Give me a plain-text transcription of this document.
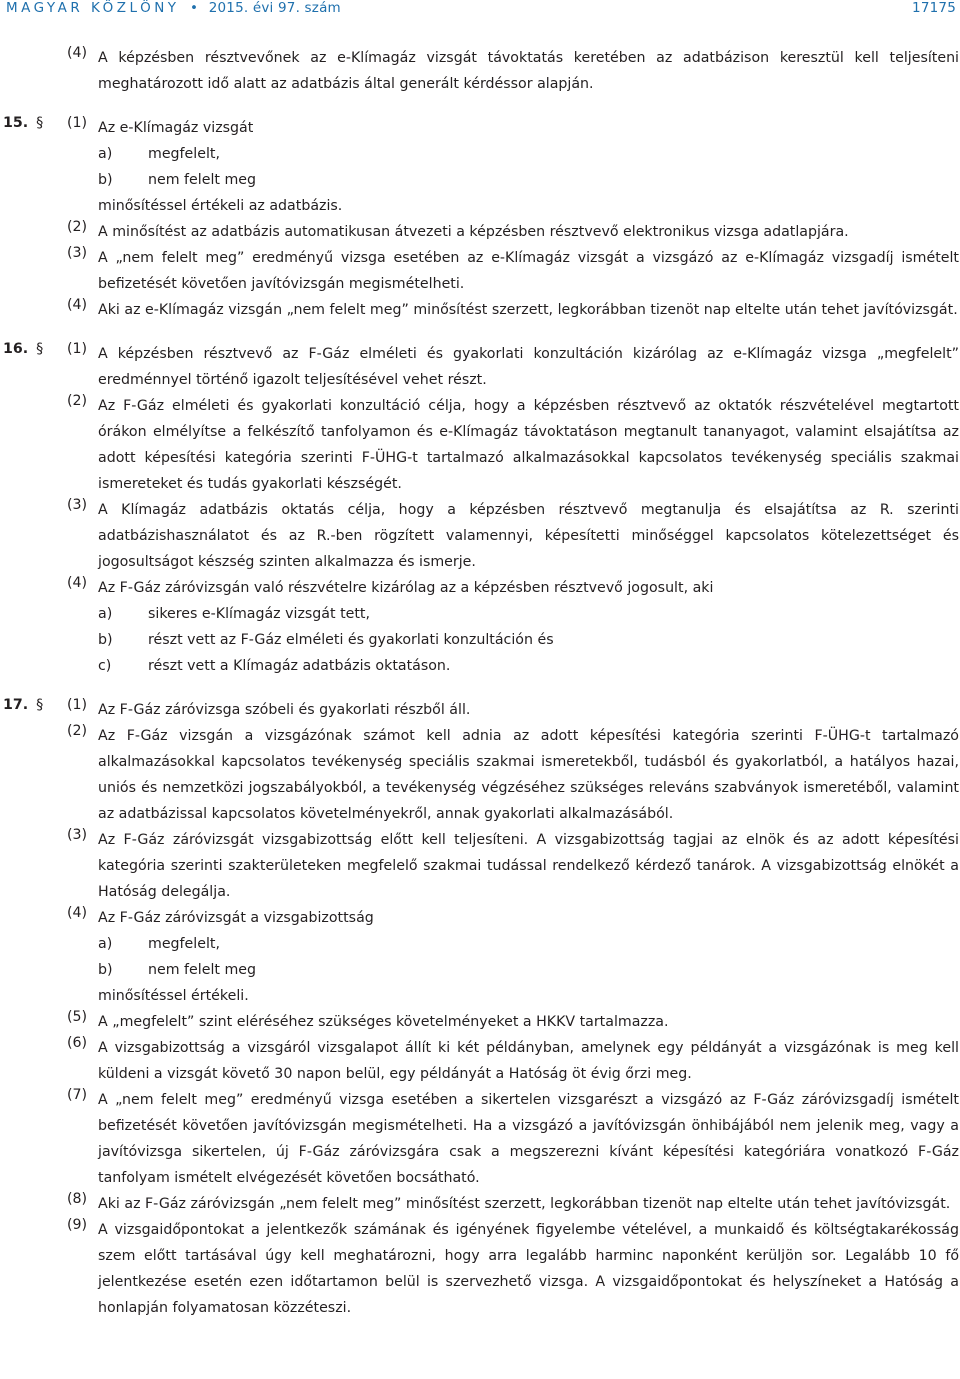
MAGYAR KÖZLÖNY • 2015. évi 97. szám	17175
(4) A képzésben résztvevőnek az e-Klímagáz vizsgát távoktatás keretében az adatbázison keresztül kell teljesíteni meghatározott idő alatt az adatbázis által generált kérdéssor alapján.
15. § (1) Az e-Klímagáz vizsgát
a)	megfelelt,
b) nem felelt meg
minősítéssel értékeli az adatbázis.
(2) A minősítést az adatbázis automatikusan átvezeti a képzésben résztvevő elektronikus vizsga adatlapjára.
(3) A „nem felelt meg” eredményű vizsga esetében az e-Klímagáz vizsgát a vizsgázó az e-Klímagáz vizsgadíj ismételt befizetését követően javítóvizsgán megismételheti.
(4) Aki az e-Klímagáz vizsgán „nem felelt meg” minősítést szerzett, legkorábban tizenöt nap eltelte után tehet javítóvizsgát.
16. § (1) A képzésben résztvevő az F-Gáz elméleti és gyakorlati konzultáción kizárólag az e-Klímagáz vizsga „megfelelt” eredménnyel történő igazolt teljesítésével vehet részt.
(2) Az F-Gáz elméleti és gyakorlati konzultáció célja, hogy a képzésben résztvevő az oktatók részvételével megtartott órákon elmélyítse a felkészítő tanfolyamon és e-Klímagáz távoktatáson megtanult tananyagot, valamint elsajátítsa az adott képesítési kategória szerinti F-ÜHG-t tartalmazó alkalmazásokkal kapcsolatos tevékenység speciális szakmai ismereteket és tudás gyakorlati készségét.
(3) A Klímagáz adatbázis oktatás célja, hogy a képzésben résztvevő megtanulja és elsajátítsa az R. szerinti adatbázishasználatot és az R.-ben rögzített valamennyi, képesítetti minőséggel kapcsolatos kötelezettséget és jogosultságot készség szinten alkalmazza és ismerje.
(4) Az F-Gáz záróvizsgán való részvételre kizárólag az a képzésben résztvevő jogosult, aki
a)	sikeres e-Klímagáz vizsgát tett,
b) részt vett az F-Gáz elméleti és gyakorlati konzultáción és
c)	részt vett a Klímagáz adatbázis oktatáson.
17. § (1) Az F-Gáz záróvizsga szóbeli és gyakorlati részből áll.
(2) Az F-Gáz vizsgán a vizsgázónak számot kell adnia az adott képesítési kategória szerinti F-ÜHG-t tartalmazó alkalmazásokkal kapcsolatos tevékenység speciális szakmai ismeretekből, tudásból és gyakorlatból, a hatályos hazai, uniós és nemzetközi jogszabályokból, a tevékenység végzéséhez szükséges releváns szabványok ismeretéből, valamint az adatbázissal kapcsolatos követelményekről, annak gyakorlati alkalmazásából.
(3) Az F-Gáz záróvizsgát vizsgabizottság előtt kell teljesíteni. A vizsgabizottság tagjai az elnök és az adott képesítési kategória szerinti szakterületeken megfelelő szakmai tudással rendelkező kérdező tanárok. A vizsgabizottság elnökét a Hatóság delegálja.
(4) Az F-Gáz záróvizsgát a vizsgabizottság
a)	megfelelt,
b) nem felelt meg
minősítéssel értékeli.
(5) A „megfelelt” szint eléréséhez szükséges követelményeket a HKKV tartalmazza.
(6) A vizsgabizottság a vizsgáról vizsgalapot állít ki két példányban, amelynek egy példányát a vizsgázónak is meg kell küldeni a vizsgát követő 30 napon belül, egy példányát a Hatóság öt évig őrzi meg.
(7) A „nem felelt meg” eredményű vizsga esetében a sikertelen vizsgarészt a vizsgázó az F-Gáz záróvizsgadíj ismételt befizetését követően javítóvizsgán megismételheti. Ha a vizsgázó a javítóvizsgán önhibájából nem jelenik meg, vagy a javítóvizsga sikertelen, új F-Gáz záróvizsgára csak a megszerezni kívánt képesítési kategóriára vonatkozó F-Gáz tanfolyam ismételt elvégezését követően bocsátható.
(8) Aki az F-Gáz záróvizsgán „nem felelt meg” minősítést szerzett, legkorábban tizenöt nap eltelte után tehet javítóvizsgát.
(9) A vizsgaidőpontokat a jelentkezők számának és igényének figyelembe vételével, a munkaidő és költségtakarékosság szem előtt tartásával úgy kell meghatározni, hogy arra legalább harminc naponként kerüljön sor. Legalább 10 fő jelentkezése esetén ezen időtartamon belül is szervezhető vizsga. A vizsgaidőpontokat és helyszíneket a Hatóság a honlapján folyamatosan közzéteszi.
